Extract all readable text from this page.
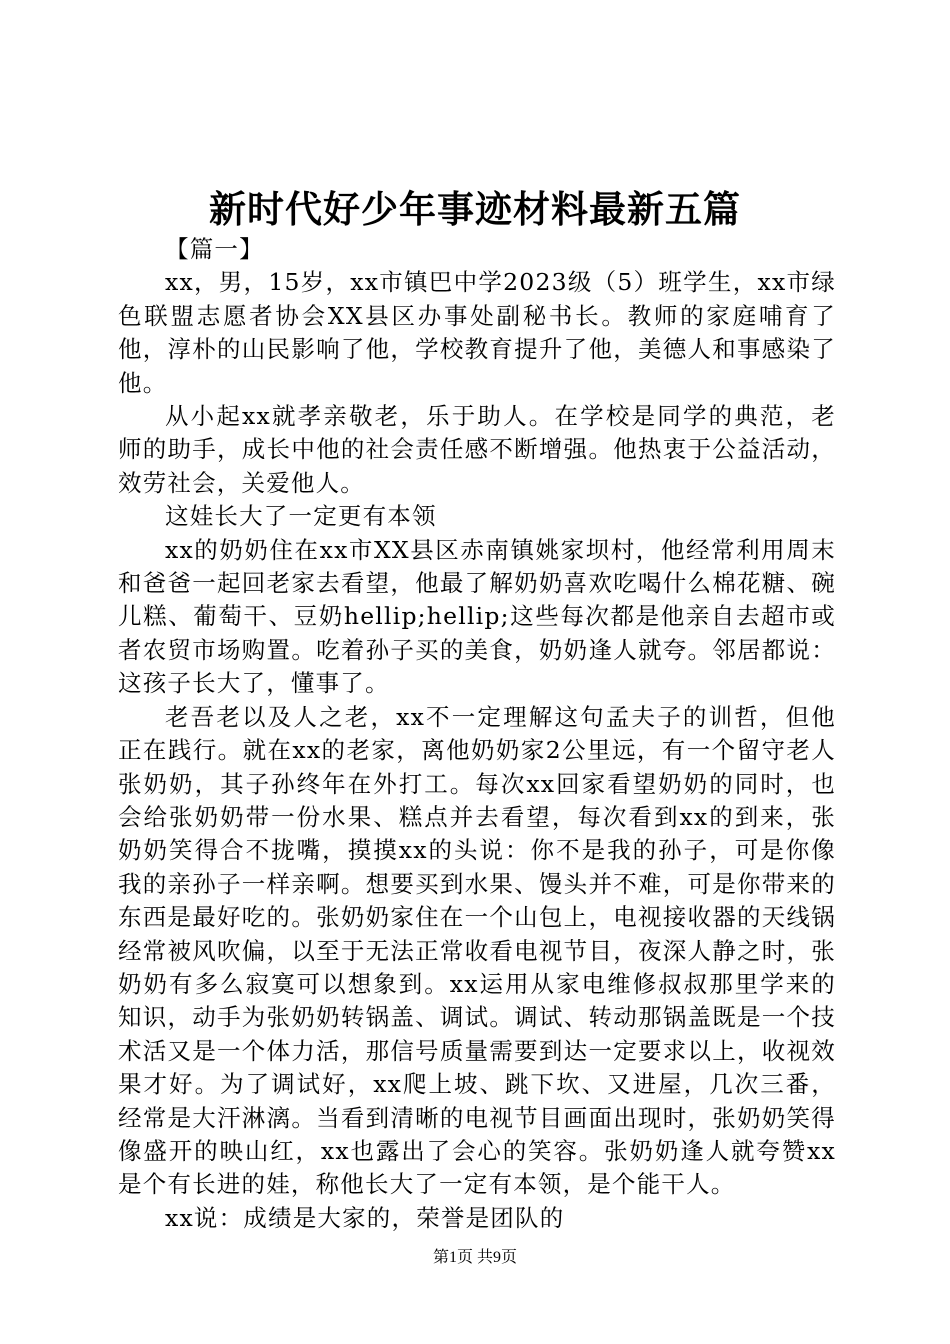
新时代好少年事迹材料最新五篇

【篇一】

xx，男，15岁，xx市镇巴中学2023级（5）班学生，xx市绿色联盟志愿者协会XX县区办事处副秘书长。教师的家庭哺育了他，淳朴的山民影响了他，学校教育提升了他，美德人和事感染了他。

从小起xx就孝亲敬老，乐于助人。在学校是同学的典范，老师的助手，成长中他的社会责任感不断增强。他热衷于公益活动，效劳社会，关爱他人。

这娃长大了一定更有本领

xx的奶奶住在xx市XX县区赤南镇姚家坝村，他经常利用周末和爸爸一起回老家去看望，他最了解奶奶喜欢吃喝什么棉花糖、碗儿糕、葡萄干、豆奶hellip;hellip;这些每次都是他亲自去超市或者农贸市场购置。吃着孙子买的美食，奶奶逢人就夸。邻居都说：这孩子长大了，懂事了。

老吾老以及人之老，xx不一定理解这句孟夫子的训哲，但他正在践行。就在xx的老家，离他奶奶家2公里远，有一个留守老人张奶奶，其子孙终年在外打工。每次xx回家看望奶奶的同时，也会给张奶奶带一份水果、糕点并去看望，每次看到xx的到来，张奶奶笑得合不拢嘴，摸摸xx的头说：你不是我的孙子，可是你像我的亲孙子一样亲啊。想要买到水果、馒头并不难，可是你带来的东西是最好吃的。张奶奶家住在一个山包上，电视接收器的天线锅经常被风吹偏，以至于无法正常收看电视节目，夜深人静之时，张奶奶有多么寂寞可以想象到。xx运用从家电维修叔叔那里学来的知识，动手为张奶奶转锅盖、调试。调试、转动那锅盖既是一个技术活又是一个体力活，那信号质量需要到达一定要求以上，收视效果才好。为了调试好，xx爬上坡、跳下坎、又进屋，几次三番，经常是大汗淋漓。当看到清晰的电视节目画面出现时，张奶奶笑得像盛开的映山红，xx也露出了会心的笑容。张奶奶逢人就夸赞xx是个有长进的娃，称他长大了一定有本领，是个能干人。

xx说：成绩是大家的，荣誉是团队的

第1页 共9页
